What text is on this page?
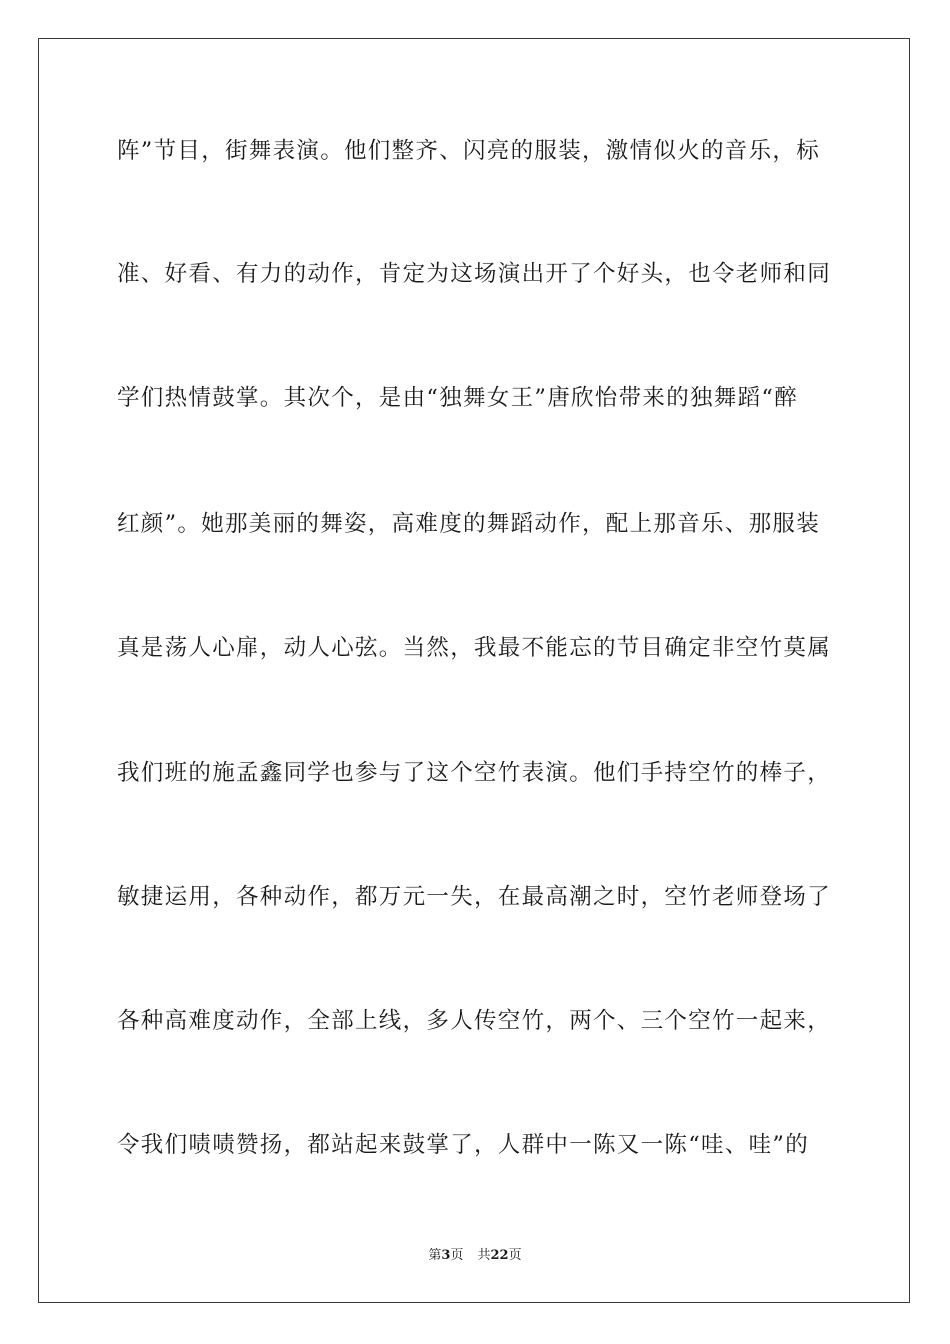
阵”节目，街舞表演。他们整齐、闪亮的服装，激情似火的音乐，标
准、好看、有力的动作，肯定为这场演出开了个好头，也令老师和同
学们热情鼓掌。其次个，是由“独舞女王”唐欣怡带来的独舞蹈“醉
红颜”。她那美丽的舞姿，高难度的舞蹈动作，配上那音乐、那服装
真是荡人心扉，动人心弦。当然，我最不能忘的节目确定非空竹莫属
我们班的施孟鑫同学也参与了这个空竹表演。他们手持空竹的棒子，
敏捷运用，各种动作，都万元一失，在最高潮之时，空竹老师登场了
各种高难度动作，全部上线，多人传空竹，两个、三个空竹一起来，
令我们啧啧赞扬，都站起来鼓掌了，人群中一陈又一陈“哇、哇”的
第3页 共22页
